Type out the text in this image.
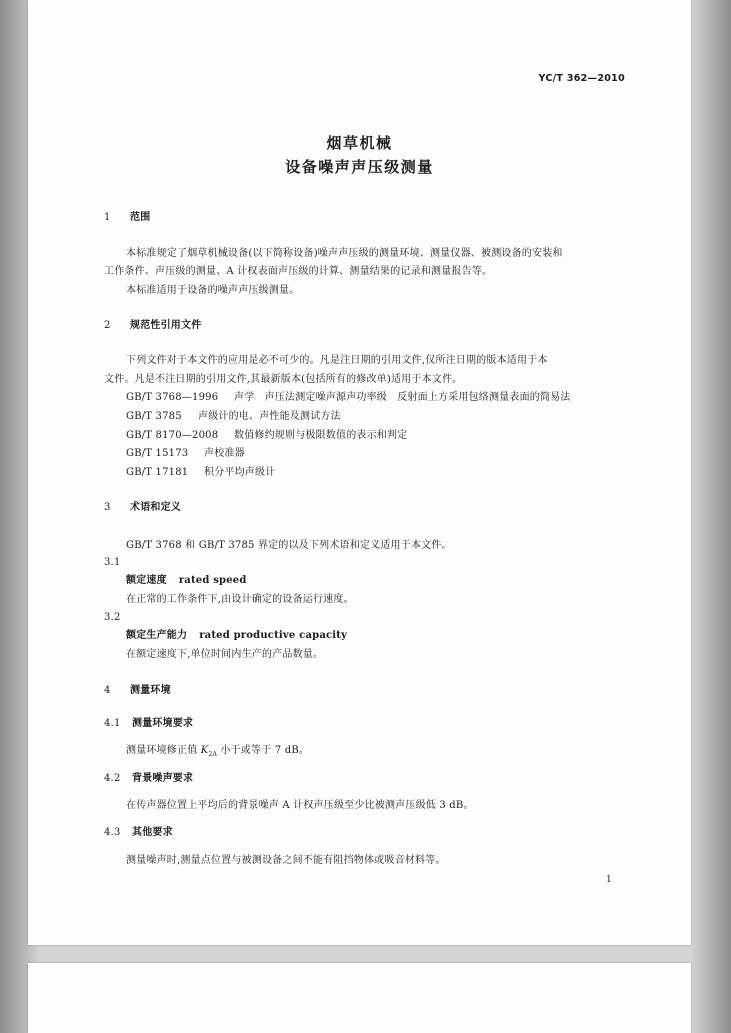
YC/T 362—2010
烟草机械
设备噪声声压级测量
1 范围
本标准规定了烟草机械设备(以下简称设备)噪声声压级的测量环境、测量仪器、被测设备的安装和
工作条件、声压级的测量、A 计权表面声压级的计算、测量结果的记录和测量报告等。
本标准适用于设备的噪声声压级测量。
2 规范性引用文件
下列文件对于本文件的应用是必不可少的。凡是注日期的引用文件,仅所注日期的版本适用于本
文件。凡是不注日期的引用文件,其最新版本(包括所有的修改单)适用于本文件。
GB/T 3768—1996 声学　声压法测定噪声源声功率级　反射面上方采用包络测量表面的简易法
GB/T 3785 声级计的电、声性能及测试方法
GB/T 8170—2008 数值修约规则与极限数值的表示和判定
GB/T 15173 声校准器
GB/T 17181 积分平均声级计
3 术语和定义
GB/T 3768 和 GB/T 3785 界定的以及下列术语和定义适用于本文件。
3.1
额定速度 rated speed
在正常的工作条件下,由设计确定的设备运行速度。
3.2
额定生产能力 rated productive capacity
在额定速度下,单位时间内生产的产品数量。
4 测量环境
4.1 测量环境要求
测量环境修正值 $K_{2A}$ 小于或等于 7 dB。
4.2 背景噪声要求
在传声器位置上平均后的背景噪声 A 计权声压级至少比被测声压级低 3 dB。
4.3 其他要求
测量噪声时,测量点位置与被测设备之间不能有阻挡物体或吸音材料等。
1
